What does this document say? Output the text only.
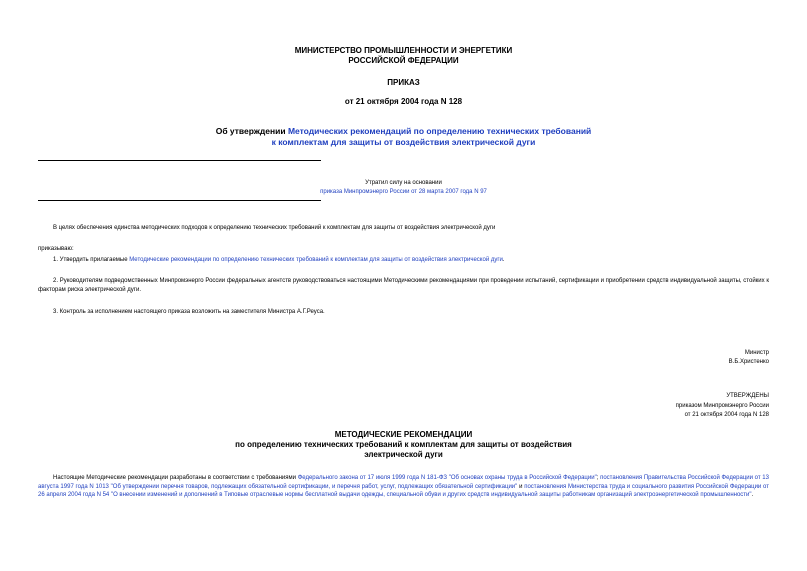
МИНИСТЕРСТВО ПРОМЫШЛЕННОСТИ И ЭНЕРГЕТИКИ
РОССИЙСКОЙ ФЕДЕРАЦИИ
ПРИКАЗ
от 21 октября 2004 года N 128
Об утверждении Методических рекомендаций по определению технических требований
к комплектам для защиты от воздействия электрической дуги
Утратил силу на основании
приказа Минпромэнерго России от 28 марта 2007 года N 97
В целях обеспечения единства методических подходов к определению технических требований к комплектам для защиты от воздействия электрической дуги
приказываю:
1. Утвердить прилагаемые Методические рекомендации по определению технических требований к комплектам для защиты от воздействия электрической дуги.
2. Руководителям подведомственных Минпромэнерго России федеральных агентств руководствоваться настоящими Методическими рекомендациями при проведении испытаний, сертификации и приобретении средств индивидуальной защиты, стойких к факторам риска электрической дуги.
3. Контроль за исполнением настоящего приказа возложить на заместителя Министра А.Г.Реуса.
Министр
В.Б.Христенко
УТВЕРЖДЕНЫ
приказом Минпромэнерго России
от 21 октября 2004 года N 128
МЕТОДИЧЕСКИЕ РЕКОМЕНДАЦИИ
по определению технических требований к комплектам для защиты от воздействия
электрической дуги
Настоящие Методические рекомендации разработаны в соответствии с требованиями Федерального закона от 17 июля 1999 года N 181-ФЗ "Об основах охраны труда в Российской Федерации"; постановления Правительства Российской Федерации от 13 августа 1997 года N 1013 "Об утверждении перечня товаров, подлежащих обязательной сертификации, и перечня работ, услуг, подлежащих обязательной сертификации" и постановления Министерства труда и социального развития Российской Федерации от 26 апреля 2004 года N 54 "О внесении изменений и дополнений в Типовые отраслевые нормы бесплатной выдачи одежды, специальной обуви и других средств индивидуальной защиты работникам организаций электроэнергетической промышленности".
